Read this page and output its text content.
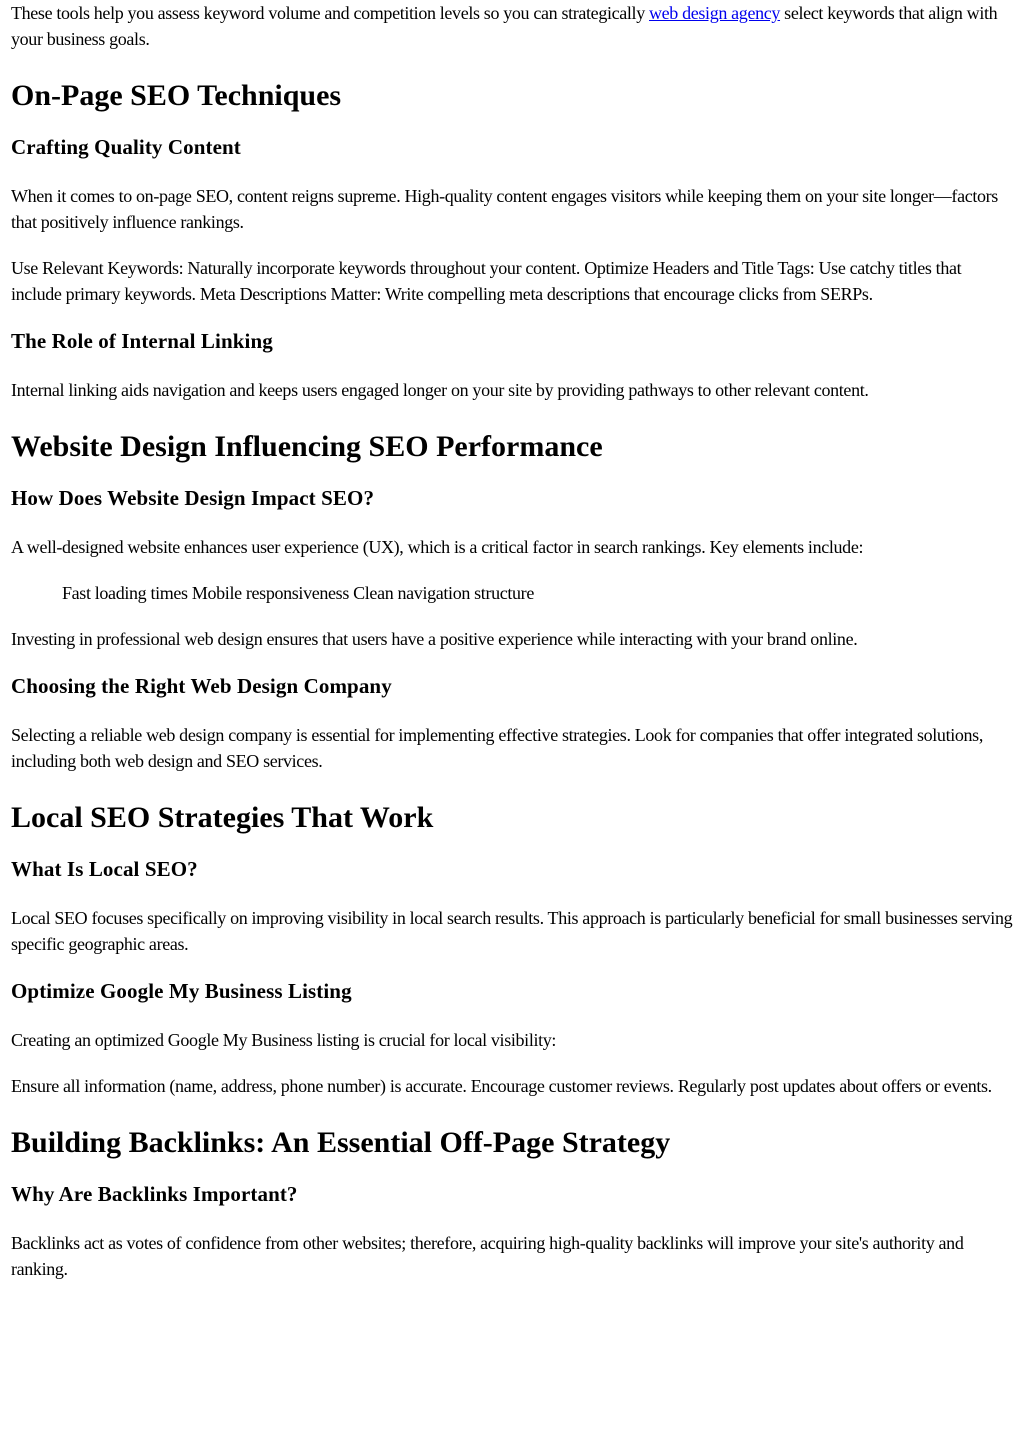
These tools help you assess keyword volume and competition levels so you can strategically web design agency select keywords that align with your business goals.

On-Page SEO Techniques
Crafting Quality Content

When it comes to on-page SEO, content reigns supreme. High-quality content engages visitors while keeping them on your site longer—factors that positively influence rankings.

Use Relevant Keywords: Naturally incorporate keywords throughout your content. Optimize Headers and Title Tags: Use catchy titles that include primary keywords. Meta Descriptions Matter: Write compelling meta descriptions that encourage clicks from SERPs.

The Role of Internal Linking

Internal linking aids navigation and keeps users engaged longer on your site by providing pathways to other relevant content.

Website Design Influencing SEO Performance
How Does Website Design Impact SEO?

A well-designed website enhances user experience (UX), which is a critical factor in search rankings. Key elements include:

Fast loading times Mobile responsiveness Clean navigation structure

Investing in professional web design ensures that users have a positive experience while interacting with your brand online.

Choosing the Right Web Design Company

Selecting a reliable web design company is essential for implementing effective strategies. Look for companies that offer integrated solutions, including both web design and SEO services.

Local SEO Strategies That Work
What Is Local SEO?

Local SEO focuses specifically on improving visibility in local search results. This approach is particularly beneficial for small businesses serving specific geographic areas.

Optimize Google My Business Listing

Creating an optimized Google My Business listing is crucial for local visibility:

Ensure all information (name, address, phone number) is accurate. Encourage customer reviews. Regularly post updates about offers or events.

Building Backlinks: An Essential Off-Page Strategy
Why Are Backlinks Important?

Backlinks act as votes of confidence from other websites; therefore, acquiring high-quality backlinks will improve your site's authority and ranking.
